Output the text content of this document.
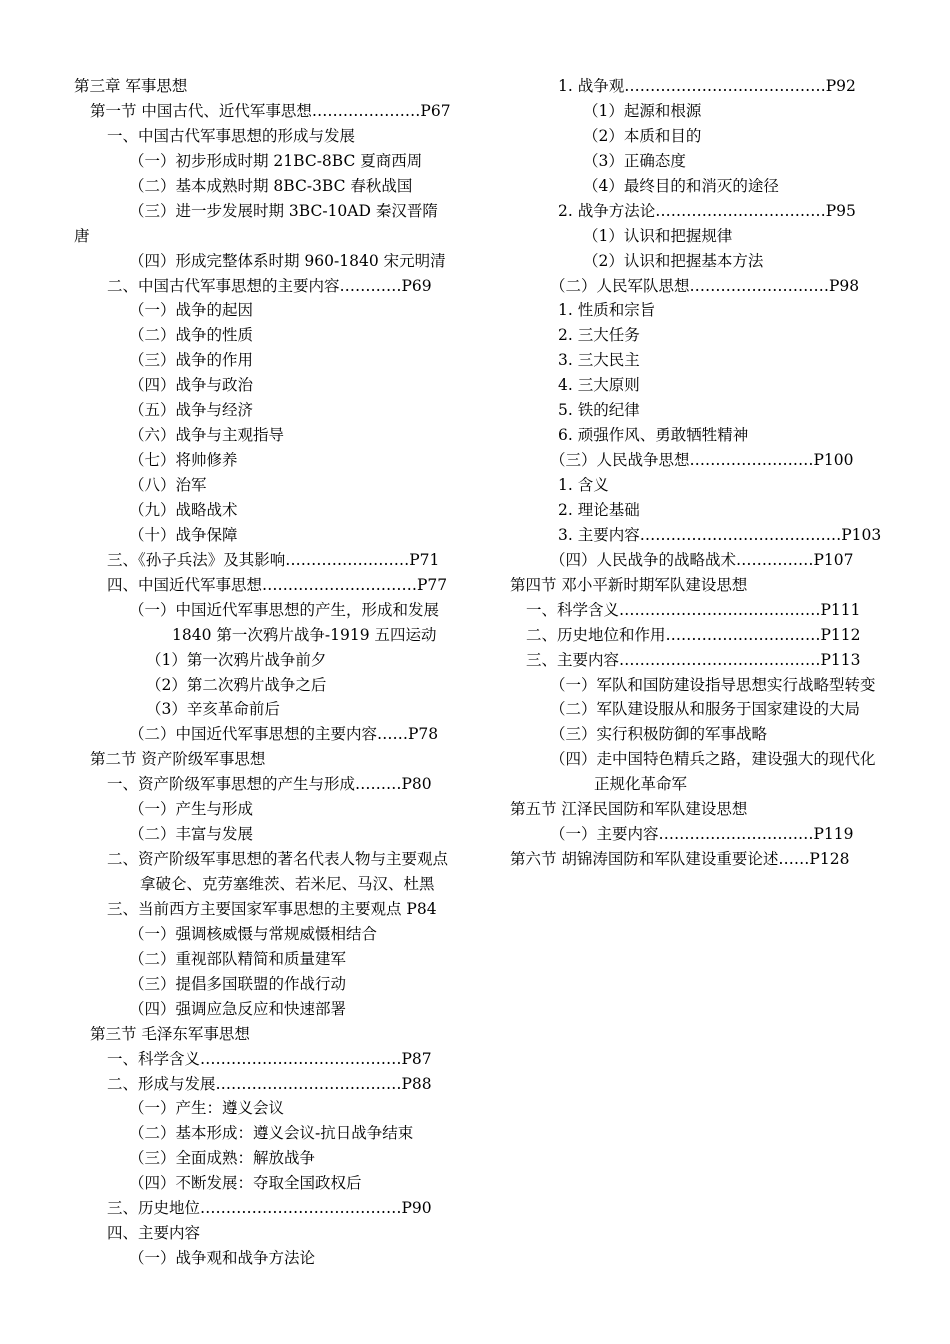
第三章 军事思想
第一节 中国古代、近代军事思想…………………P67
一、中国古代军事思想的形成与发展
（一）初步形成时期 21BC-8BC 夏商西周
（二）基本成熟时期 8BC-3BC 春秋战国
（三）进一步发展时期 3BC-10AD 秦汉晋隋
唐
（四）形成完整体系时期 960-1840 宋元明清
二、中国古代军事思想的主要内容…………P69
（一）战争的起因
（二）战争的性质
（三）战争的作用
（四）战争与政治
（五）战争与经济
（六）战争与主观指导
（七）将帅修养
（八）治军
（九）战略战术
（十）战争保障
三、《孙子兵法》及其影响……………………P71
四、中国近代军事思想…………………………P77
（一）中国近代军事思想的产生，形成和发展
1840 第一次鸦片战争-1919 五四运动
（1）第一次鸦片战争前夕
（2）第二次鸦片战争之后
（3）辛亥革命前后
（二）中国近代军事思想的主要内容……P78
第二节 资产阶级军事思想
一、资产阶级军事思想的产生与形成………P80
（一）产生与形成
（二）丰富与发展
二、资产阶级军事思想的著名代表人物与主要观点
拿破仑、克劳塞维茨、若米尼、马汉、杜黑
三、当前西方主要国家军事思想的主要观点 P84
（一）强调核威慑与常规威慑相结合
（二）重视部队精简和质量建军
（三）提倡多国联盟的作战行动
（四）强调应急反应和快速部署
第三节 毛泽东军事思想
一、科学含义…………………………………P87
二、形成与发展………………………………P88
（一）产生：遵义会议
（二）基本形成：遵义会议-抗日战争结束
（三）全面成熟：解放战争
（四）不断发展：夺取全国政权后
三、历史地位…………………………………P90
四、主要内容
（一）战争观和战争方法论
1. 战争观…………………………………P92
（1）起源和根源
（2）本质和目的
（3）正确态度
（4）最终目的和消灭的途径
2. 战争方法论……………………………P95
（1）认识和把握规律
（2）认识和把握基本方法
（二）人民军队思想………………………P98
1. 性质和宗旨
2. 三大任务
3. 三大民主
4. 三大原则
5. 铁的纪律
6. 顽强作风、勇敢牺牲精神
（三）人民战争思想……………………P100
1. 含义
2. 理论基础
3. 主要内容…………………………………P103
（四）人民战争的战略战术……………P107
第四节 邓小平新时期军队建设思想
一、科学含义…………………………………P111
二、历史地位和作用…………………………P112
三、主要内容…………………………………P113
（一）军队和国防建设指导思想实行战略型转变
（二）军队建设服从和服务于国家建设的大局
（三）实行积极防御的军事战略
（四）走中国特色精兵之路，建设强大的现代化
正规化革命军
第五节 江泽民国防和军队建设思想
（一）主要内容…………………………P119
第六节 胡锦涛国防和军队建设重要论述……P128
